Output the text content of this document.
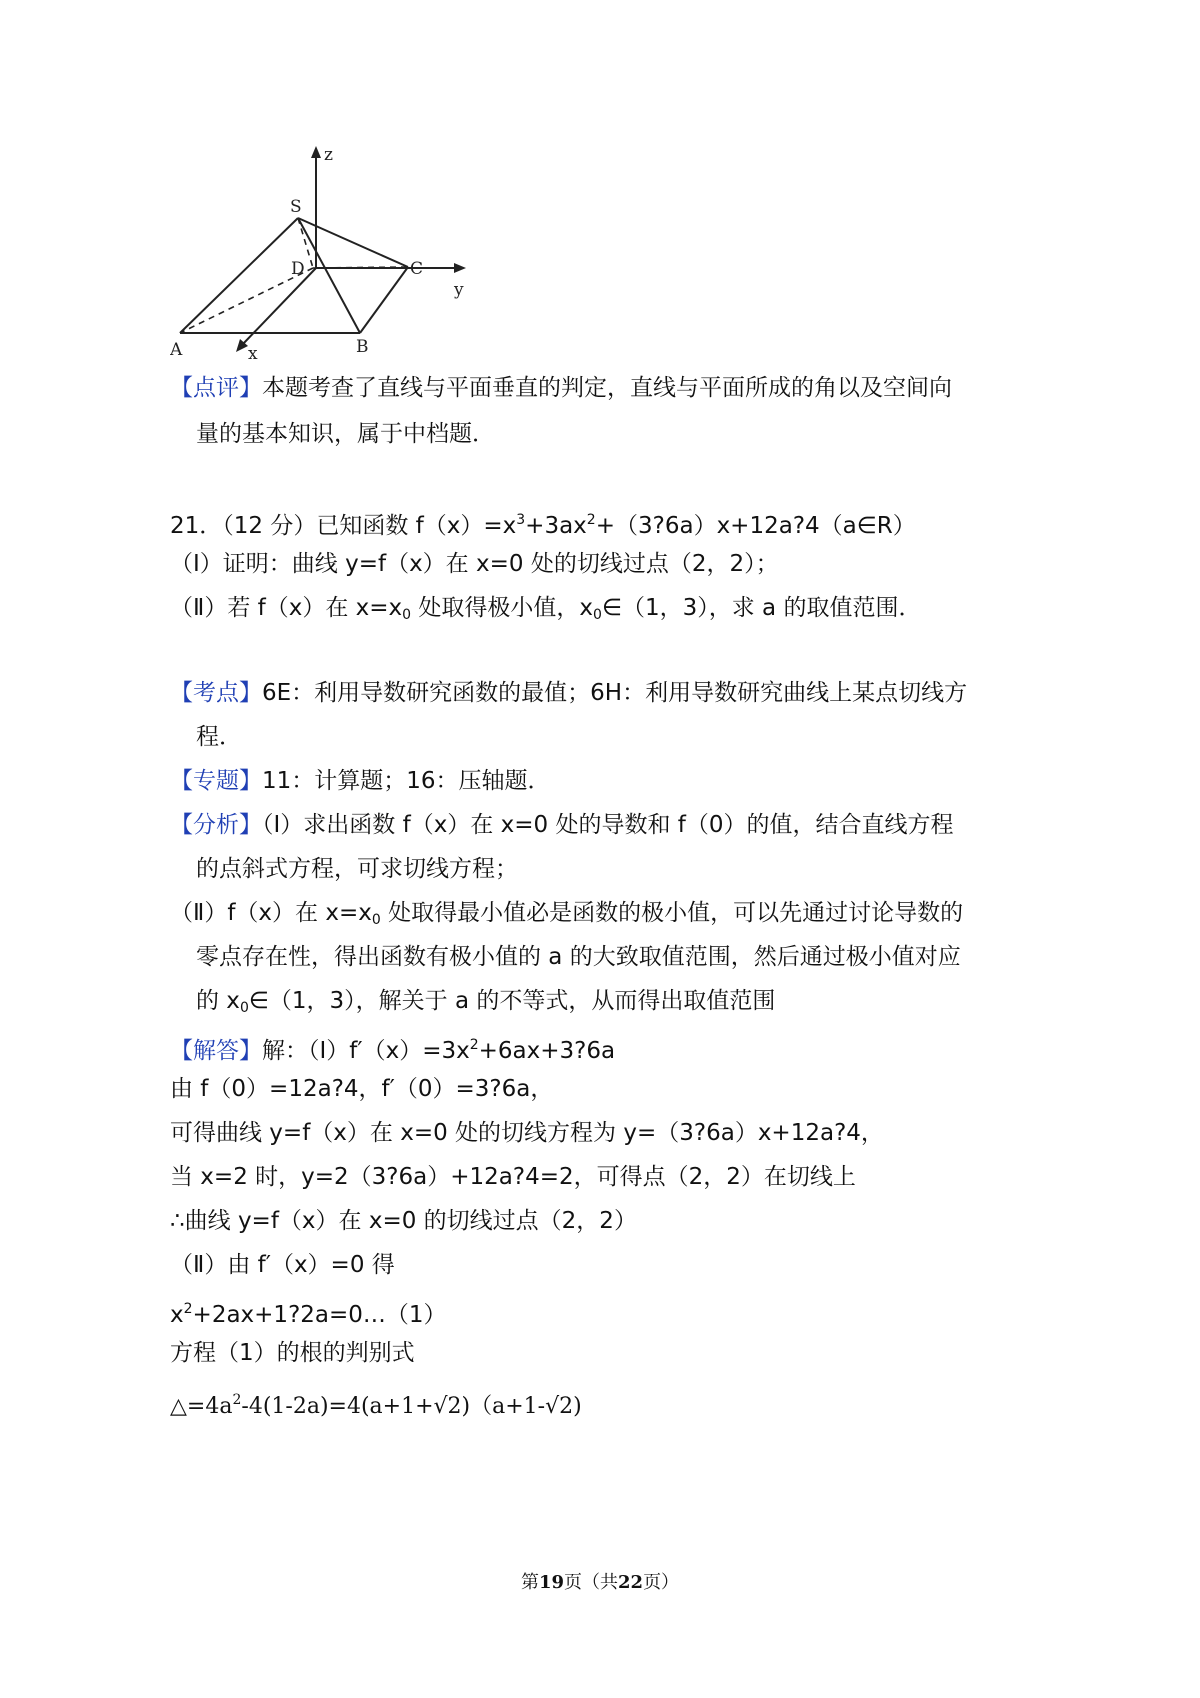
z
S
D	C
y
A	x	B
【点评】本题考查了直线与平面垂直的判定，直线与平面所成的角以及空间向
量的基本知识，属于中档题．
21．（12 分）已知函数 $f(x)=x^3+3ax^2+(3?6a)x+12a?4(a\in R)$
（Ⅰ）证明：曲线 y=f（x）在 x=0 处的切线过点（2，2）；
（Ⅱ）若 f（x）在 $x=x_0$ 处取得极小值，$x_0\in(1$，3），求 a 的取值范围．
【考点】6E：利用导数研究函数的最值；6H：利用导数研究曲线上某点切线方
程．
【专题】11：计算题；16：压轴题．
【分析】（Ⅰ）求出函数 f（x）在 x=0 处的导数和 f（0）的值，结合直线方程
的点斜式方程，可求切线方程；
（Ⅱ）f（x）在 $x=x_0$ 处取得最小值必是函数的极小值，可以先通过讨论导数的
零点存在性，得出函数有极小值的 a 的大致取值范围，然后通过极小值对应
的 $x_0\in(1$，3），解关于 a 的不等式，从而得出取值范围
【解答】解：$(Ⅰ)f'(x)=3x^2+6ax+3?6a$
由 f（0）=12a?4，f′（0）=3?6a，
可得曲线 y=f（x）在 x=0 处的切线方程为 y=（3?6a）x+12a?4，
当 x=2 时，y=2（3?6a）+12a?4=2，可得点（2，2）在切线上
∴曲线 y=f（x）在 x=0 的切线过点（2，2）
（Ⅱ）由 f′（x）=0 得
$x^2+2ax+1?2a=0\dots(1)$
方程（1）的根的判别式
$\triangle=4a^2-4(1-2a)=4(a+1+√2)(a+1-√2)$
第19页（共22页）
